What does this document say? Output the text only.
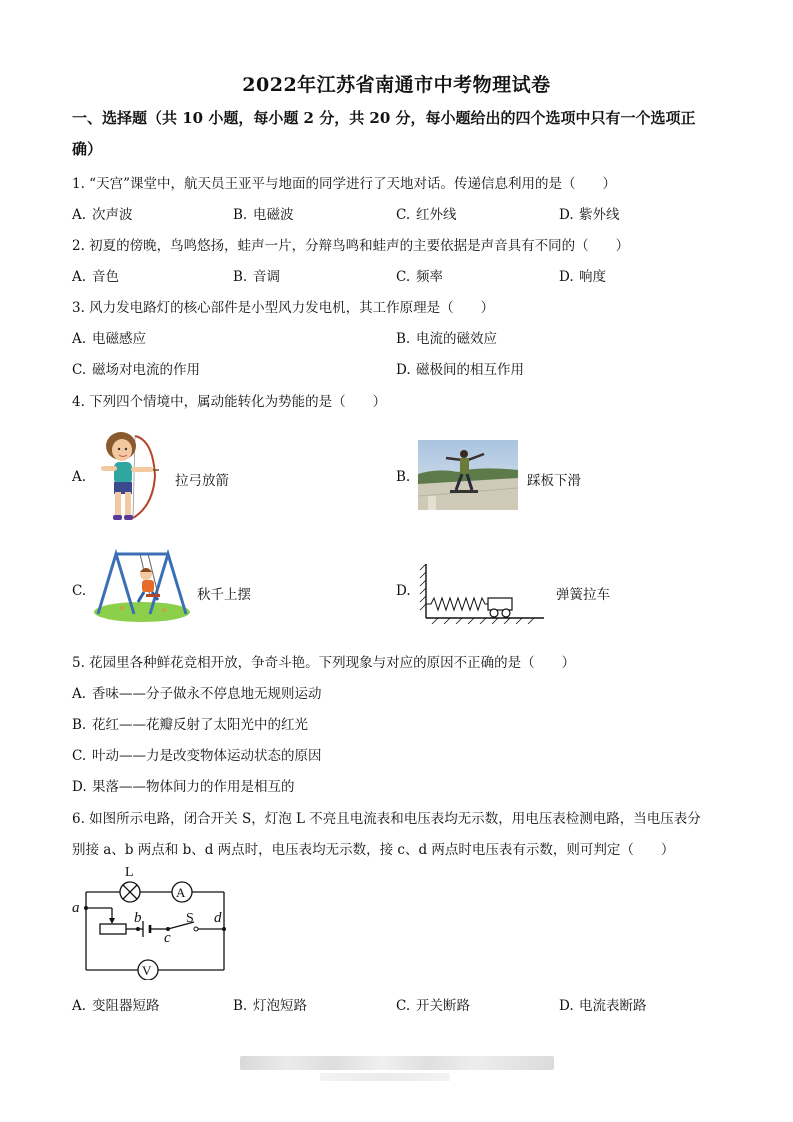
2022年江苏省南通市中考物理试卷
一、选择题（共 10 小题，每小题 2 分，共 20 分，每小题给出的四个选项中只有一个选项正
确）
1. “天宫”课堂中，航天员王亚平与地面的同学进行了天地对话。传递信息利用的是（　　）
A. 次声波	B. 电磁波	C. 红外线	D. 紫外线
2. 初夏的傍晚，鸟鸣悠扬，蛙声一片，分辩鸟鸣和蛙声的主要依据是声音具有不同的（　　）
A. 音色	B. 音调	C. 频率	D. 响度
3. 风力发电路灯的核心部件是小型风力发电机，其工作原理是（　　）
A. 电磁感应	B. 电流的磁效应
C. 磁场对电流的作用	D. 磁极间的相互作用
4. 下列四个情境中，属动能转化为势能的是（　　）
A.	拉弓放箭	B.	踩板下滑
C.	秋千上摆	D.	弹簧拉车
5. 花园里各种鲜花竞相开放，争奇斗艳。下列现象与对应的原因不正确的是（　　）
A. 香味——分子做永不停息地无规则运动
B. 花红——花瓣反射了太阳光中的红光
C. 叶动——力是改变物体运动状态的原因
D. 果落——物体间力的作用是相互的
6. 如图所示电路，闭合开关 S，灯泡 L 不亮且电流表和电压表均无示数，用电压表检测电路，当电压表分
别接 a、b 两点和 b、d 两点时，电压表均无示数，接 c、d 两点时电压表有示数，则可判定（　　）
L
A
V
S
a
b
c
d
A. 变阻器短路	B. 灯泡短路	C. 开关断路	D. 电流表断路
